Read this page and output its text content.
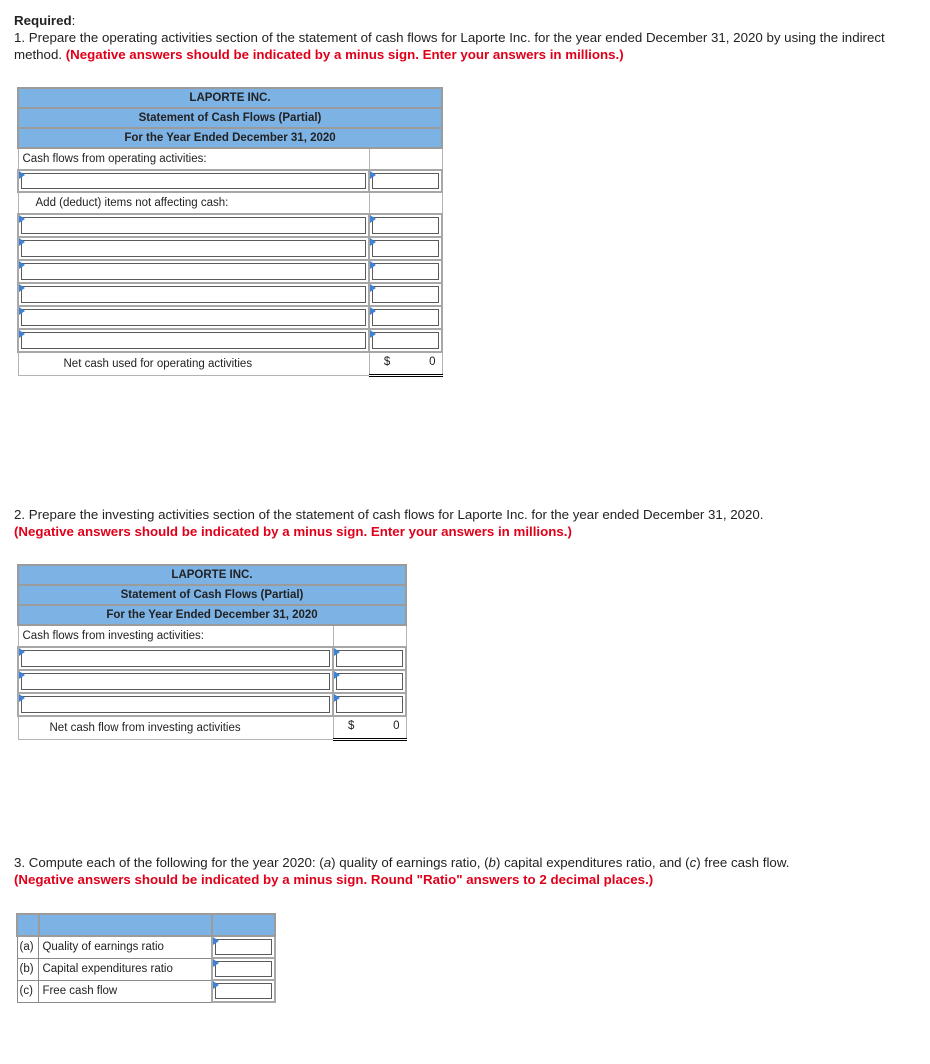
Required:
1. Prepare the operating activities section of the statement of cash flows for Laporte Inc. for the year ended December 31, 2020 by using the indirect method. (Negative answers should be indicated by a minus sign. Enter your answers in millions.)
LAPORTE INC.	
Statement of Cash Flows (Partial)	
For the Year Ended December 31, 2020	
Cash flows from operating activities:	

Add (deduct) items not affecting cash:	

Net cash used for operating activities	$ 0
2. Prepare the investing activities section of the statement of cash flows for Laporte Inc. for the year ended December 31, 2020.
(Negative answers should be indicated by a minus sign. Enter your answers in millions.)
LAPORTE INC.	
Statement of Cash Flows (Partial)	
For the Year Ended December 31, 2020	
Cash flows from investing activities:	

Net cash flow from investing activities	$ 0
3. Compute each of the following for the year 2020: (a) quality of earnings ratio, (b) capital expenditures ratio, and (c) free cash flow.
(Negative answers should be indicated by a minus sign. Round "Ratio" answers to 2 decimal places.)

(a)	Quality of earnings ratio	

(b)	Capital expenditures ratio	

(c)	Free cash flow	
